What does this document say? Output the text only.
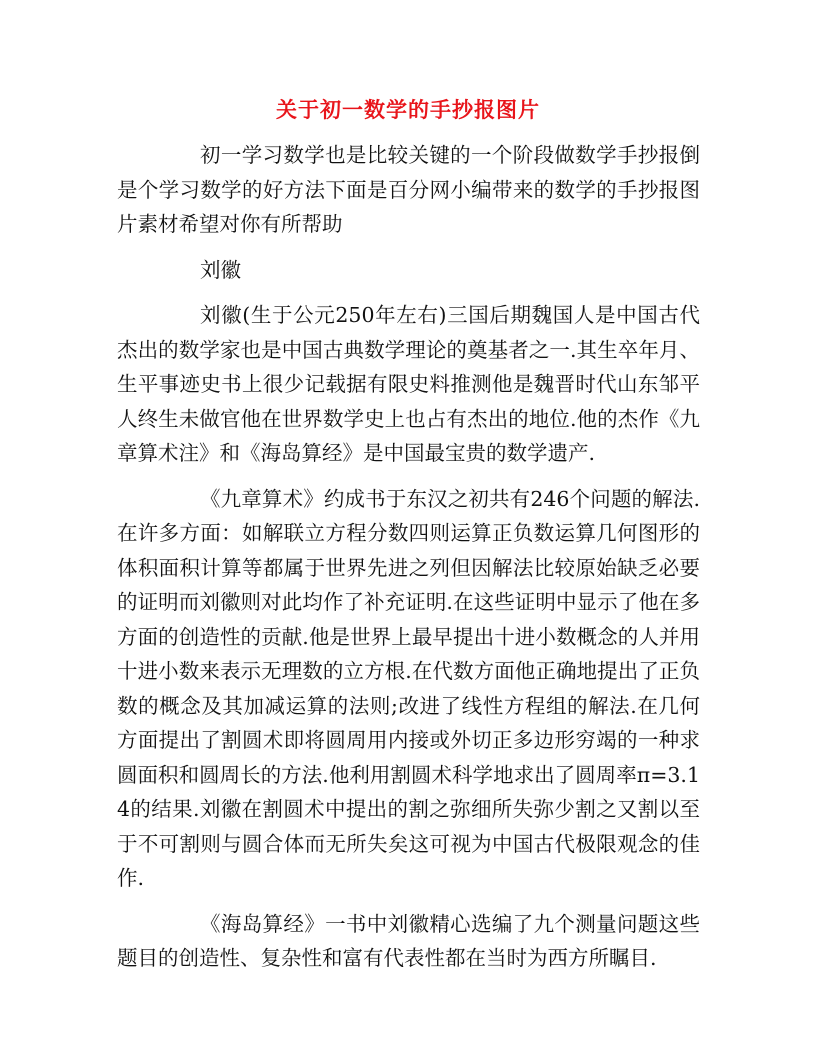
关于初一数学的手抄报图片

初一学习数学也是比较关键的一个阶段做数学手抄报倒是个学习数学的好方法下面是百分网小编带来的数学的手抄报图片素材希望对你有所帮助

刘徽

刘徽(生于公元250年左右)三国后期魏国人是中国古代杰出的数学家也是中国古典数学理论的奠基者之一.其生卒年月、生平事迹史书上很少记载据有限史料推测他是魏晋时代山东邹平人终生未做官他在世界数学史上也占有杰出的地位.他的杰作《九章算术注》和《海岛算经》是中国最宝贵的数学遗产.

《九章算术》约成书于东汉之初共有246个问题的解法.在许多方面：如解联立方程分数四则运算正负数运算几何图形的体积面积计算等都属于世界先进之列但因解法比较原始缺乏必要的证明而刘徽则对此均作了补充证明.在这些证明中显示了他在多方面的创造性的贡献.他是世界上最早提出十进小数概念的人并用十进小数来表示无理数的立方根.在代数方面他正确地提出了正负数的概念及其加减运算的法则;改进了线性方程组的解法.在几何方面提出了割圆术即将圆周用内接或外切正多边形穷竭的一种求圆面积和圆周长的方法.他利用割圆术科学地求出了圆周率π=3.14的结果.刘徽在割圆术中提出的割之弥细所失弥少割之又割以至于不可割则与圆合体而无所失矣这可视为中国古代极限观念的佳作.

《海岛算经》一书中刘徽精心选编了九个测量问题这些题目的创造性、复杂性和富有代表性都在当时为西方所瞩目.
